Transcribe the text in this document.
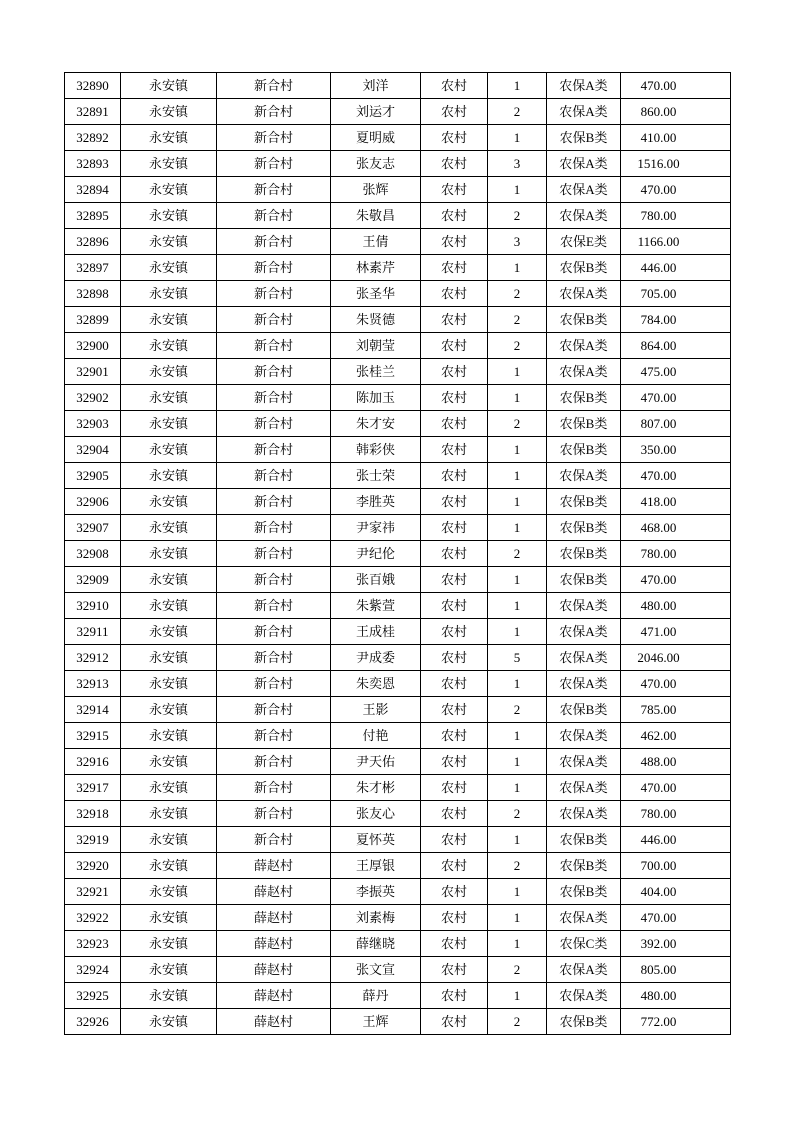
32890	永安镇	新合村	刘洋	农村	1	农保A类	470.00
32891	永安镇	新合村	刘运才	农村	2	农保A类	860.00
32892	永安镇	新合村	夏明威	农村	1	农保B类	410.00
32893	永安镇	新合村	张友志	农村	3	农保A类	1516.00
32894	永安镇	新合村	张辉	农村	1	农保A类	470.00
32895	永安镇	新合村	朱敬昌	农村	2	农保A类	780.00
32896	永安镇	新合村	王倩	农村	3	农保E类	1166.00
32897	永安镇	新合村	林素芹	农村	1	农保B类	446.00
32898	永安镇	新合村	张圣华	农村	2	农保A类	705.00
32899	永安镇	新合村	朱贤德	农村	2	农保B类	784.00
32900	永安镇	新合村	刘朝莹	农村	2	农保A类	864.00
32901	永安镇	新合村	张桂兰	农村	1	农保A类	475.00
32902	永安镇	新合村	陈加玉	农村	1	农保B类	470.00
32903	永安镇	新合村	朱才安	农村	2	农保B类	807.00
32904	永安镇	新合村	韩彩侠	农村	1	农保B类	350.00
32905	永安镇	新合村	张士荣	农村	1	农保A类	470.00
32906	永安镇	新合村	李胜英	农村	1	农保B类	418.00
32907	永安镇	新合村	尹家祎	农村	1	农保B类	468.00
32908	永安镇	新合村	尹纪伦	农村	2	农保B类	780.00
32909	永安镇	新合村	张百娥	农村	1	农保B类	470.00
32910	永安镇	新合村	朱紫萱	农村	1	农保A类	480.00
32911	永安镇	新合村	王成桂	农村	1	农保A类	471.00
32912	永安镇	新合村	尹成委	农村	5	农保A类	2046.00
32913	永安镇	新合村	朱奕恩	农村	1	农保A类	470.00
32914	永安镇	新合村	王影	农村	2	农保B类	785.00
32915	永安镇	新合村	付艳	农村	1	农保A类	462.00
32916	永安镇	新合村	尹天佑	农村	1	农保A类	488.00
32917	永安镇	新合村	朱才彬	农村	1	农保A类	470.00
32918	永安镇	新合村	张友心	农村	2	农保A类	780.00
32919	永安镇	新合村	夏怀英	农村	1	农保B类	446.00
32920	永安镇	薛赵村	王厚银	农村	2	农保B类	700.00
32921	永安镇	薛赵村	李振英	农村	1	农保B类	404.00
32922	永安镇	薛赵村	刘素梅	农村	1	农保A类	470.00
32923	永安镇	薛赵村	薛继晓	农村	1	农保C类	392.00
32924	永安镇	薛赵村	张文宣	农村	2	农保A类	805.00
32925	永安镇	薛赵村	薛丹	农村	1	农保A类	480.00
32926	永安镇	薛赵村	王辉	农村	2	农保B类	772.00
